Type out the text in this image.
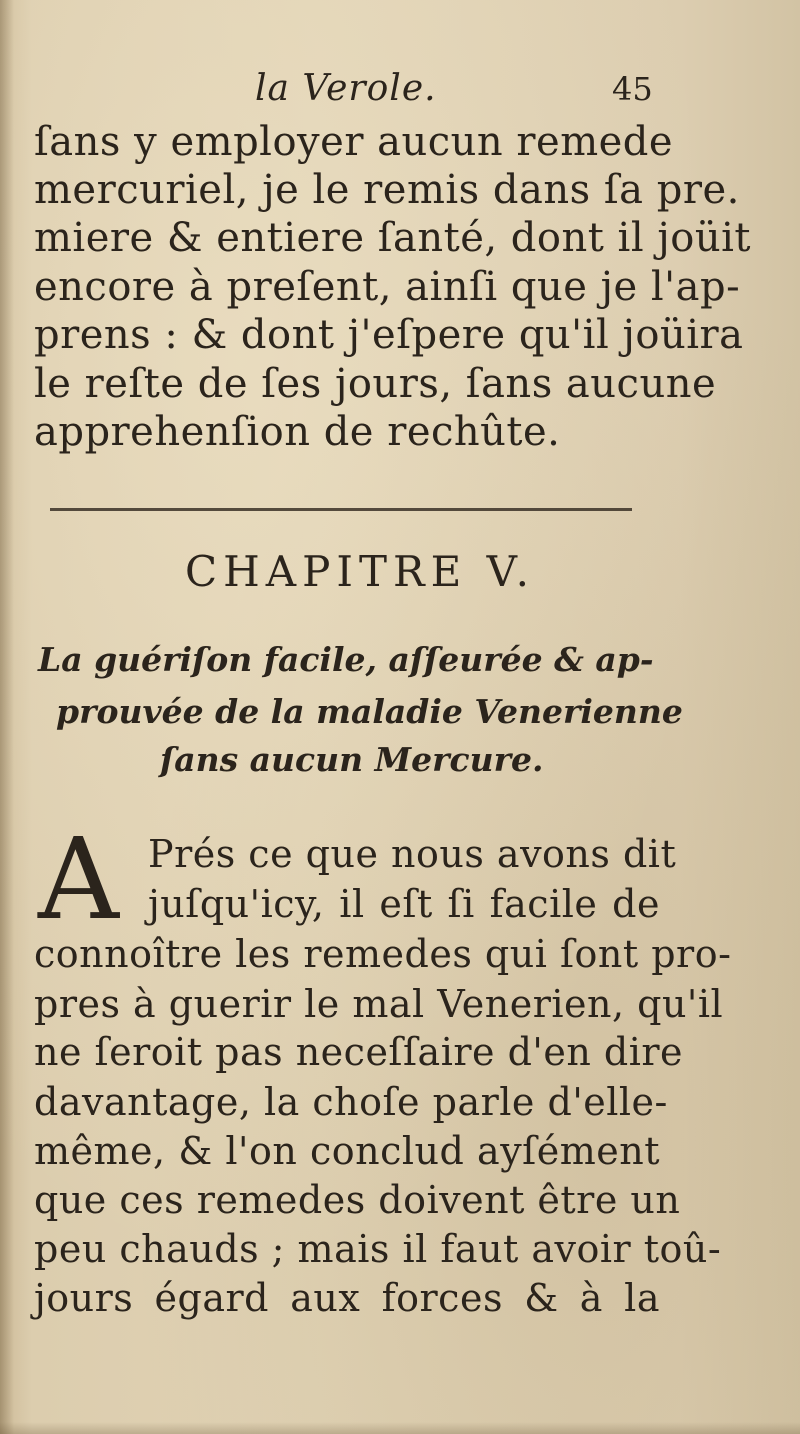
la Verole.	45
ſans y employer aucun remede
mercuriel, je le remis dans ſa pre.
miere & entiere ſanté, dont il joüit
encore à preſent, ainſi que je l'ap-
prens : & dont j'eſpere qu'il joüira
le reſte de ſes jours, ſans aucune
apprehenſion de rechûte.
CHAPITRE V.
La guériſon facile, aſſeurée & ap-
prouvée de la maladie Venerienne
ſans aucun Mercure.
A Prés ce que nous avons dit
juſqu'icy, il eſt ſi facile de
connoître les remedes qui ſont pro-
pres à guerir le mal Venerien, qu'il
ne ſeroit pas neceſſaire d'en dire
davantage, la choſe parle d'elle-
même, & l'on conclud ayſément
que ces remedes doivent être un
peu chauds ; mais il faut avoir toû-
jours égard aux forces & à la
